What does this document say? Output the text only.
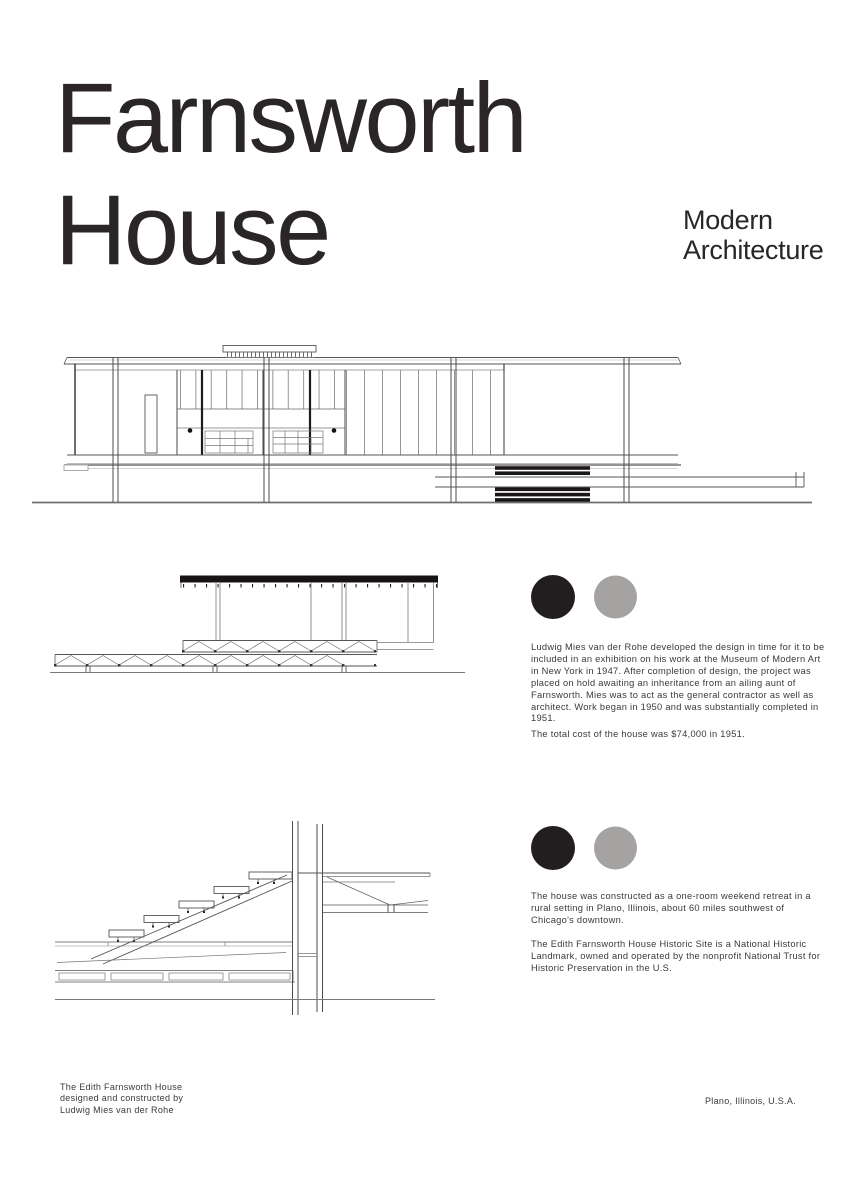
Farnsworth
House	Modern
Architecture
Ludwig Mies van der Rohe developed the design in time for it to be included in an exhibition on his work at the Museum of Modern Art in New York in 1947. After completion of design, the project was placed on hold awaiting an inheritance from an ailing aunt of Farnsworth. Mies was to act as the general contractor as well as architect. Work began in 1950 and was substantially completed in 1951.
The total cost of the house was $74,000 in 1951.
The house was constructed as a one-room weekend retreat in a rural setting in Plano, Illinois, about 60 miles southwest of Chicago's downtown.
The Edith Farnsworth House Historic Site is a National Historic Landmark, owned and operated by the nonprofit National Trust for Historic Preservation in the U.S.
The Edith Farnsworth House
designed and constructed by
Ludwig Mies van der Rohe
Plano, Illinois, U.S.A.
